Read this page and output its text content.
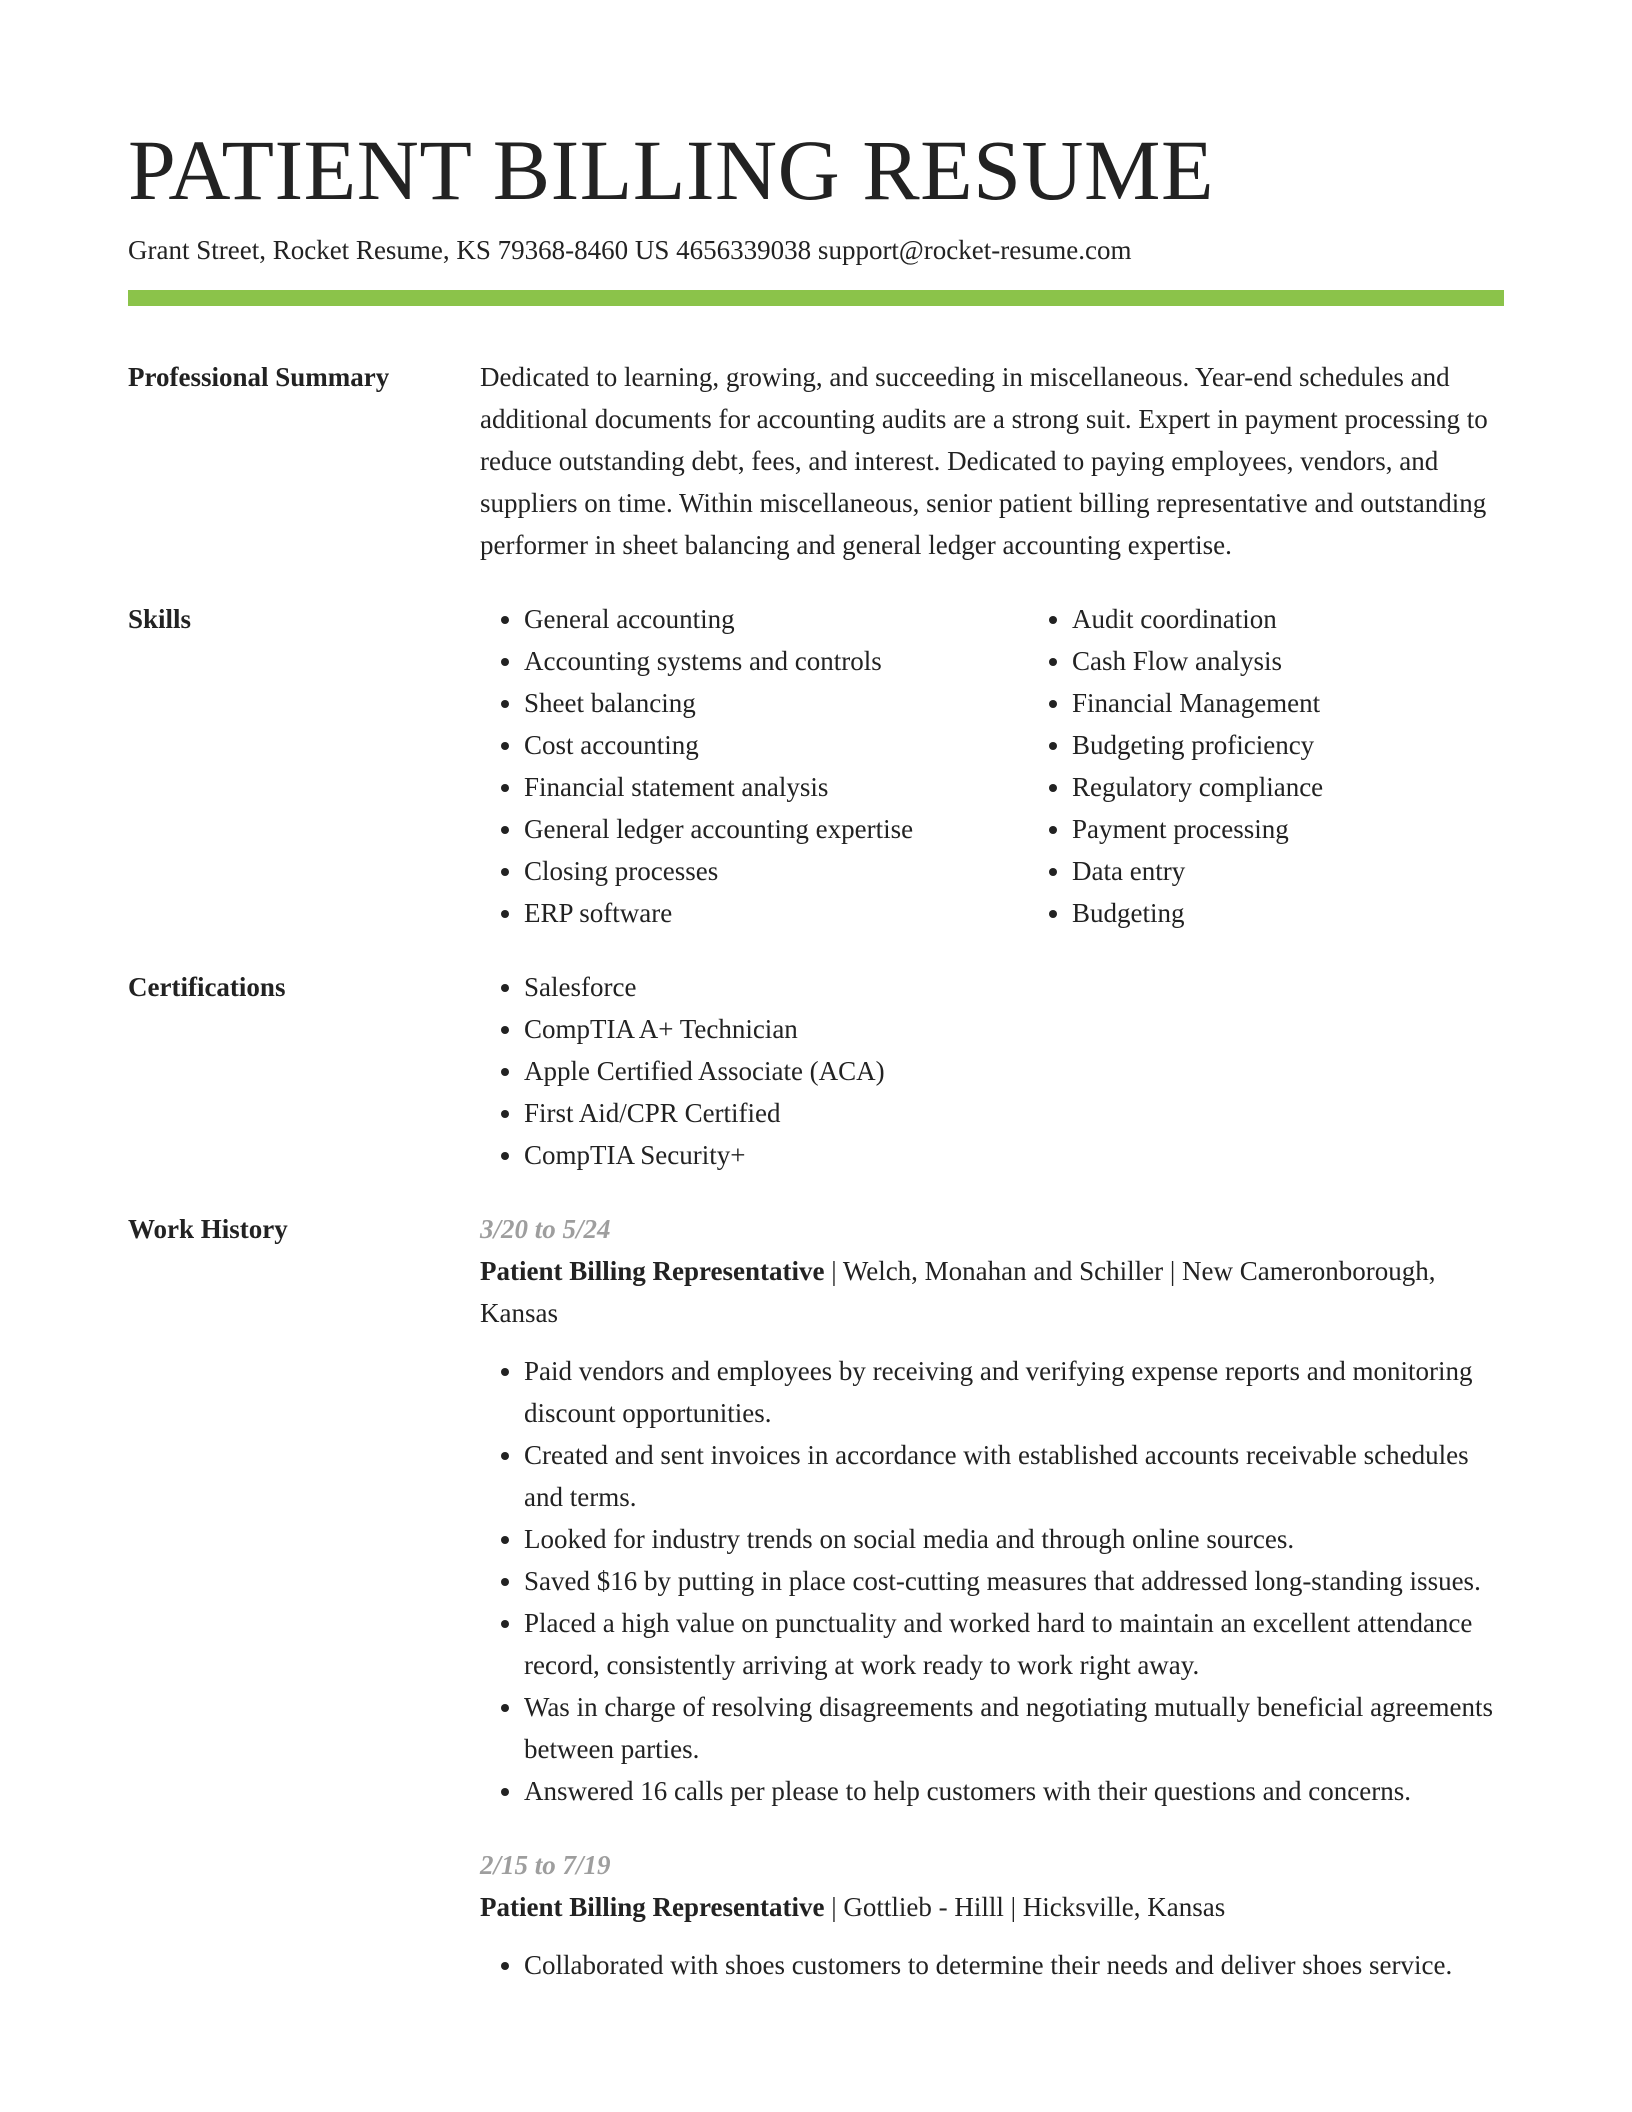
PATIENT BILLING RESUME
Grant Street, Rocket Resume, KS 79368-8460 US 4656339038 support@rocket-resume.com
Professional Summary	Dedicated to learning, growing, and succeeding in miscellaneous. Year-end schedules and additional documents for accounting audits are a strong suit. Expert in payment processing to reduce outstanding debt, fees, and interest. Dedicated to paying employees, vendors, and suppliers on time. Within miscellaneous, senior patient billing representative and outstanding performer in sheet balancing and general ledger accounting expertise.

Skills	• General accounting
• Accounting systems and controls
• Sheet balancing
• Cost accounting
• Financial statement analysis
• General ledger accounting expertise
• Closing processes
• ERP software
• Audit coordination
• Cash Flow analysis
• Financial Management
• Budgeting proficiency
• Regulatory compliance
• Payment processing
• Data entry
• Budgeting
Certifications	• Salesforce
• CompTIA A+ Technician
• Apple Certified Associate (ACA)
• First Aid/CPR Certified
• CompTIA Security+
Work History	3/20 to 5/24
Patient Billing Representative | Welch, Monahan and Schiller | New Cameronborough, Kansas
• Paid vendors and employees by receiving and verifying expense reports and monitoring discount opportunities.
• Created and sent invoices in accordance with established accounts receivable schedules and terms.
• Looked for industry trends on social media and through online sources.
• Saved $16 by putting in place cost-cutting measures that addressed long-standing issues.
• Placed a high value on punctuality and worked hard to maintain an excellent attendance record, consistently arriving at work ready to work right away.
• Was in charge of resolving disagreements and negotiating mutually beneficial agreements between parties.
• Answered 16 calls per please to help customers with their questions and concerns.
2/15 to 7/19
Patient Billing Representative | Gottlieb - Hilll | Hicksville, Kansas
• Collaborated with shoes customers to determine their needs and deliver shoes service.
